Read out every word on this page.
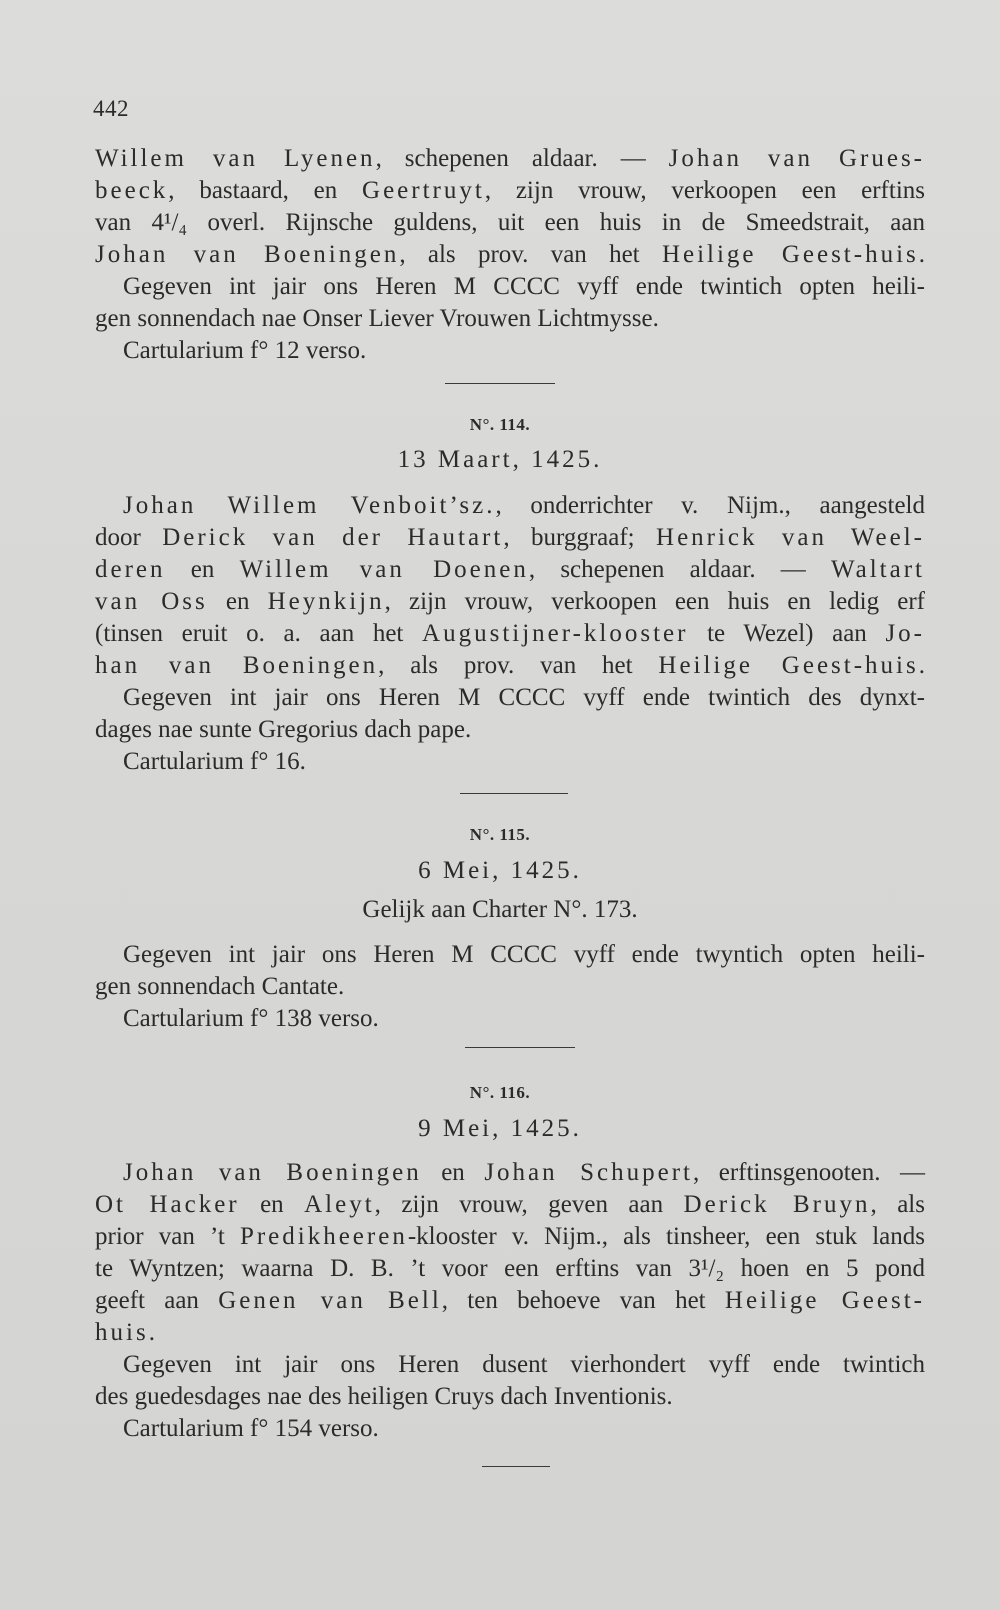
442
Willem van Lyenen, schepenen aldaar. — Johan van Grues-
beeck, bastaard, en Geertruyt, zijn vrouw, verkoopen een erftins
van 4¹/₄ overl. Rijnsche guldens, uit een huis in de Smeedstrait, aan
Johan van Boeningen, als prov. van het Heilige Geest-huis.
Gegeven int jair ons Heren M CCCC vyff ende twintich opten heili-
gen sonnendach nae Onser Liever Vrouwen Lichtmysse.
Cartularium f° 12 verso.
N°. 114.
13 Maart, 1425.
Johan Willem Venboit’sz., onderrichter v. Nijm., aangesteld
door Derick van der Hautart, burggraaf; Henrick van Weel-
deren en Willem van Doenen, schepenen aldaar. — Waltart
van Oss en Heynkijn, zijn vrouw, verkoopen een huis en ledig erf
(tinsen eruit o. a. aan het Augustijner-klooster te Wezel) aan Jo-
han van Boeningen, als prov. van het Heilige Geest-huis.
Gegeven int jair ons Heren M CCCC vyff ende twintich des dynxt-
dages nae sunte Gregorius dach pape.
Cartularium f° 16.
N°. 115.
6 Mei, 1425.
Gelijk aan Charter N°. 173.
Gegeven int jair ons Heren M CCCC vyff ende twyntich opten heili-
gen sonnendach Cantate.
Cartularium f° 138 verso.
N°. 116.
9 Mei, 1425.
Johan van Boeningen en Johan Schupert, erftinsgenooten. —
Ot Hacker en Aleyt, zijn vrouw, geven aan Derick Bruyn, als
prior van ’t Predikheeren-klooster v. Nijm., als tinsheer, een stuk lands
te Wyntzen; waarna D. B. ’t voor een erftins van 3¹/₂ hoen en 5 pond
geeft aan Genen van Bell, ten behoeve van het Heilige Geest-
huis.
Gegeven int jair ons Heren dusent vierhondert vyff ende twintich
des guedesdages nae des heiligen Cruys dach Inventionis.
Cartularium f° 154 verso.
